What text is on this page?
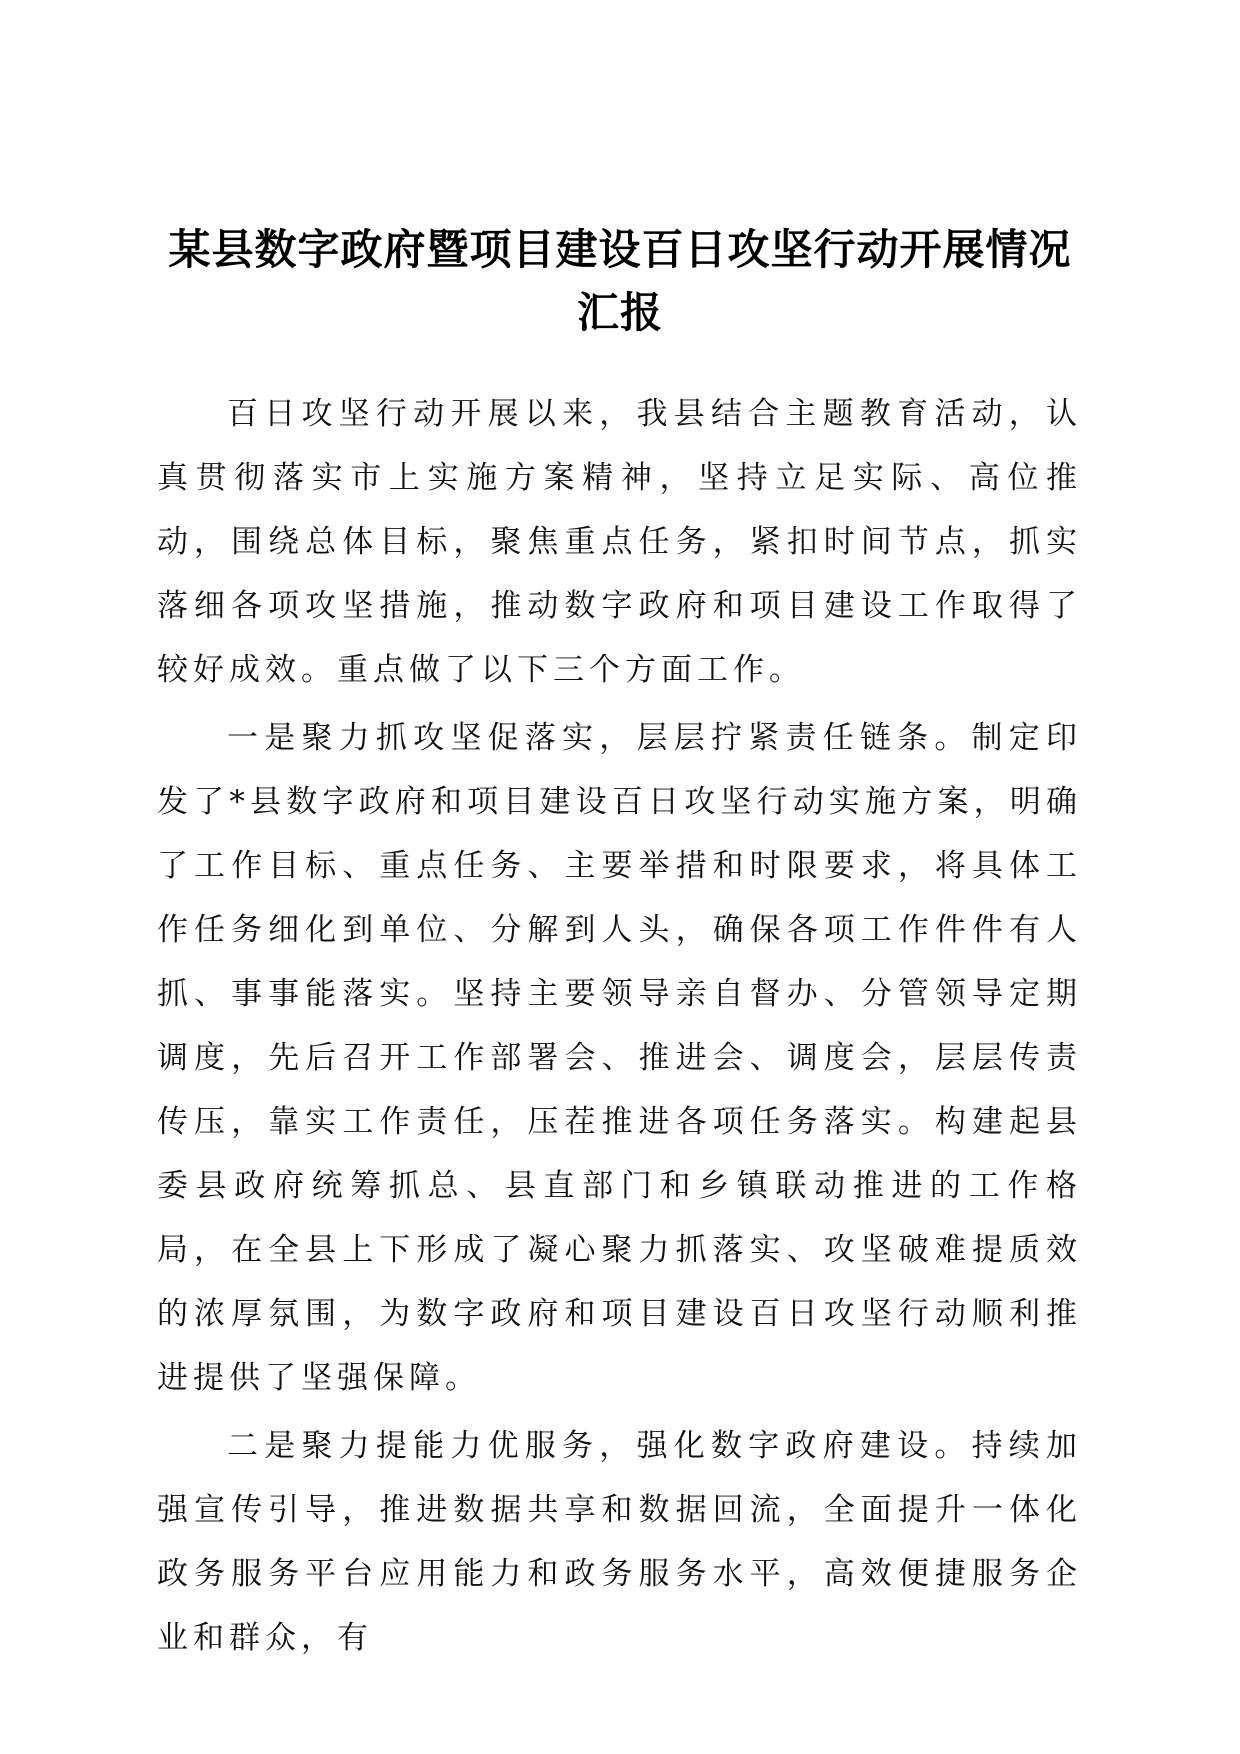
某县数字政府暨项目建设百日攻坚行动开展情况汇报

百日攻坚行动开展以来，我县结合主题教育活动，认真贯彻落实市上实施方案精神，坚持立足实际、高位推动，围绕总体目标，聚焦重点任务，紧扣时间节点，抓实落细各项攻坚措施，推动数字政府和项目建设工作取得了较好成效。重点做了以下三个方面工作。

一是聚力抓攻坚促落实，层层拧紧责任链条。制定印发了*县数字政府和项目建设百日攻坚行动实施方案，明确了工作目标、重点任务、主要举措和时限要求，将具体工作任务细化到单位、分解到人头，确保各项工作件件有人抓、事事能落实。坚持主要领导亲自督办、分管领导定期调度，先后召开工作部署会、推进会、调度会，层层传责传压，靠实工作责任，压茬推进各项任务落实。构建起县委县政府统筹抓总、县直部门和乡镇联动推进的工作格局，在全县上下形成了凝心聚力抓落实、攻坚破难提质效的浓厚氛围，为数字政府和项目建设百日攻坚行动顺利推进提供了坚强保障。

二是聚力提能力优服务，强化数字政府建设。持续加强宣传引导，推进数据共享和数据回流，全面提升一体化政务服务平台应用能力和政务服务水平，高效便捷服务企业和群众，有
